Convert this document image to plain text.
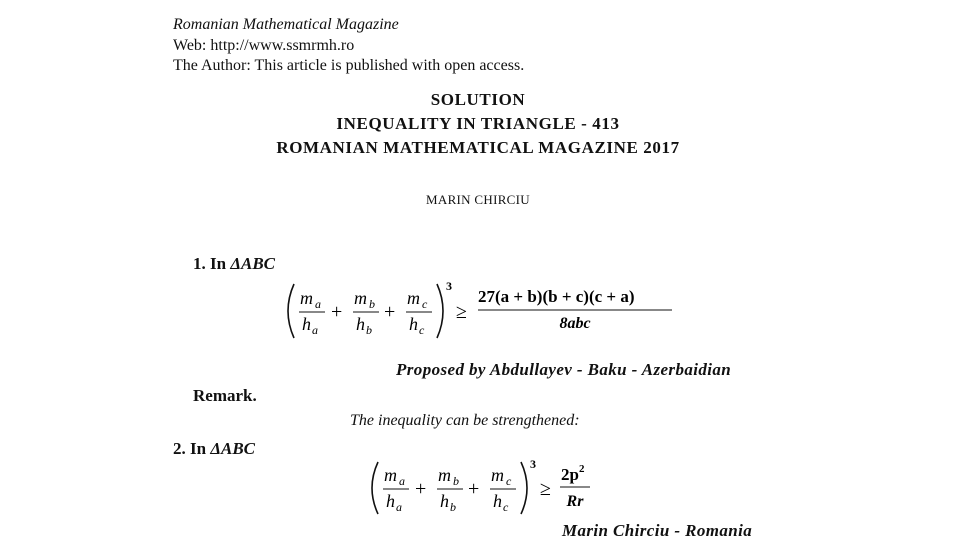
Romanian Mathematical Magazine
Web: http://www.ssmrmh.ro
The Author: This article is published with open access.
SOLUTION
INEQUALITY IN TRIANGLE - 413
ROMANIAN MATHEMATICAL MAGAZINE 2017
MARIN CHIRCIU
1. In ΔABC
m a
h a
+
m b
h b
+
m c
h c
3
≥
27(a + b)(b + c)(c + a)
8abc
Proposed by Abdullayev - Baku - Azerbaidian
Remark.
The inequality can be strengthened:
2. In ΔABC
m a
h a
+
m b
h b
+
m c
h c
3
≥
2p 2
Rr
Marin Chirciu - Romania
